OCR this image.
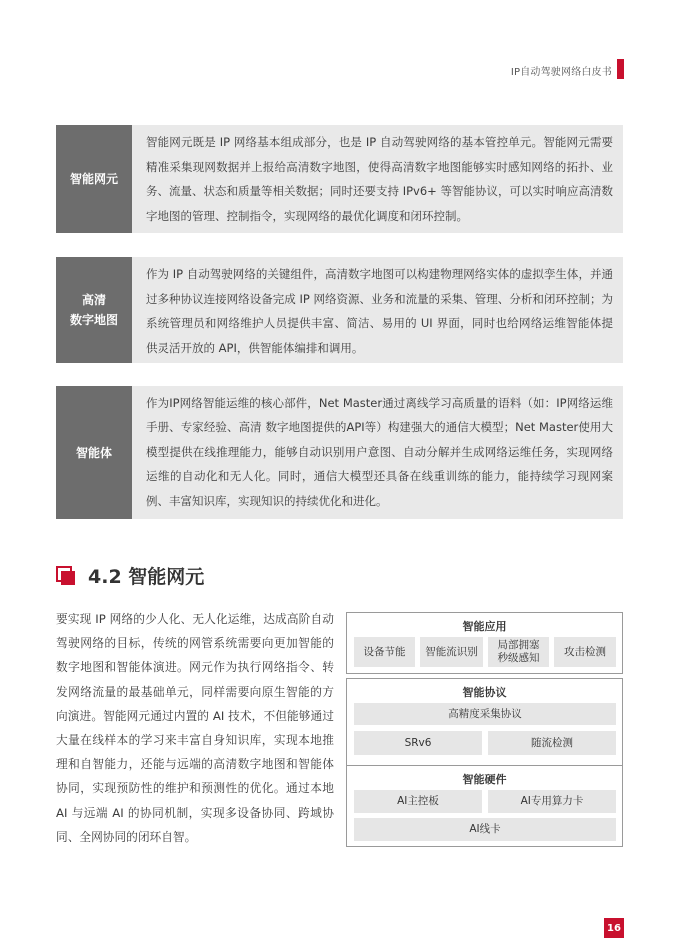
IP自动驾驶网络白皮书
智能网元
智能网元既是 IP 网络基本组成部分，也是 IP 自动驾驶网络的基本管控单元。智能网元需要精准采集现网数据并上报给高清数字地图，使得高清数字地图能够实时感知网络的拓扑、业务、流量、状态和质量等相关数据；同时还要支持 IPv6+ 等智能协议，可以实时响应高清数字地图的管理、控制指令，实现网络的最优化调度和闭环控制。
高清
数字地图
作为 IP 自动驾驶网络的关键组件，高清数字地图可以构建物理网络实体的虚拟孪生体，并通过多种协议连接网络设备完成 IP 网络资源、业务和流量的采集、管理、分析和闭环控制；为系统管理员和网络维护人员提供丰富、简洁、易用的 UI 界面，同时也给网络运维智能体提供灵活开放的 API，供智能体编排和调用。
智能体
作为IP网络智能运维的核心部件，Net Master通过离线学习高质量的语料（如：IP网络运维手册、专家经验、高清 数字地图提供的API等）构建强大的通信大模型；Net Master使用大模型提供在线推理能力，能够自动识别用户意图、自动分解并生成网络运维任务，实现网络运维的自动化和无人化。同时，通信大模型还具备在线重训练的能力，能持续学习现网案例、丰富知识库，实现知识的持续优化和进化。
4.2 智能网元
要实现 IP 网络的少人化、无人化运维，达成高阶自动驾驶网络的目标，传统的网管系统需要向更加智能的数字地图和智能体演进。网元作为执行网络指令、转发网络流量的最基础单元，同样需要向原生智能的方向演进。智能网元通过内置的 AI 技术，不但能够通过大量在线样本的学习来丰富自身知识库，实现本地推理和自智能力，还能与远端的高清数字地图和智能体协同，实现预防性的维护和预测性的优化。通过本地 AI 与远端 AI 的协同机制，实现多设备协同、跨域协同、全网协同的闭环自智。
智能应用
设备节能	智能流识别
局部拥塞
秒级感知
攻击检测
智能协议
高精度采集协议
SRv6	随流检测
智能硬件
AI主控板	AI专用算力卡
AI线卡
16
